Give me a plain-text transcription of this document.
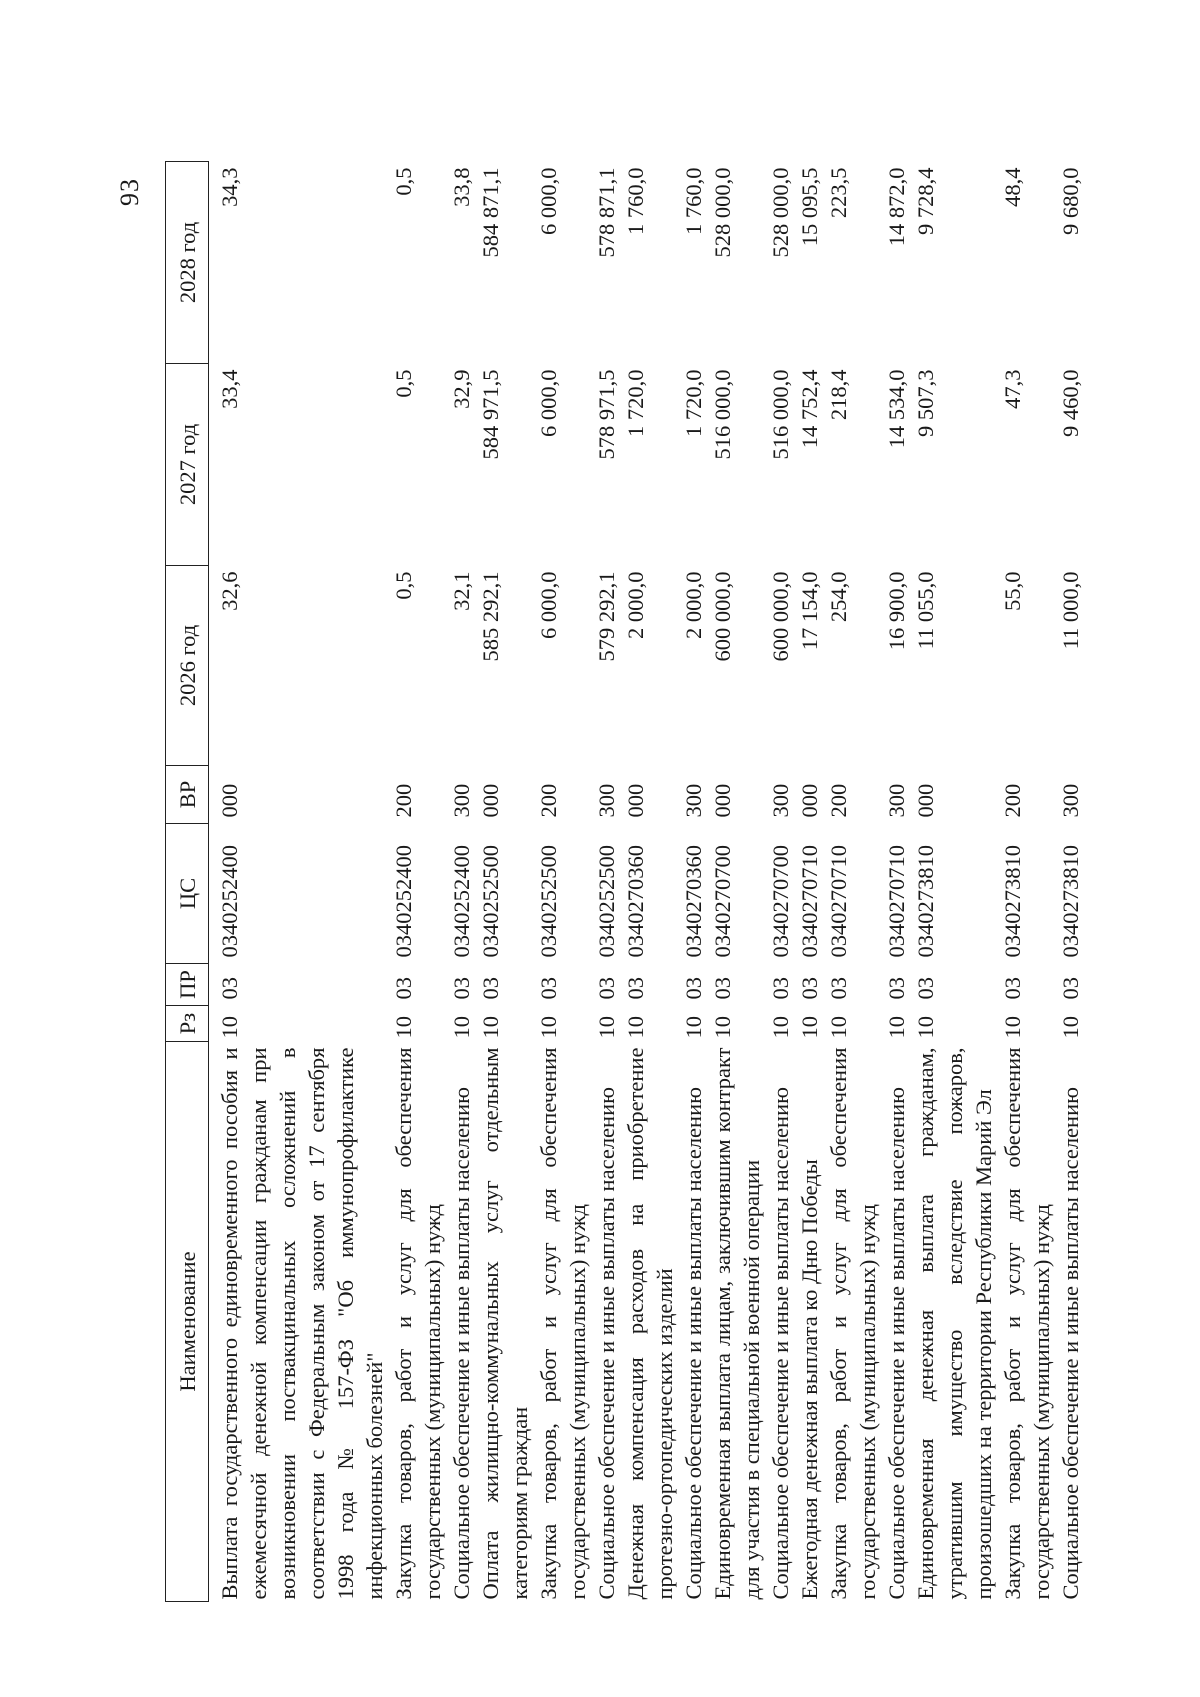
93
Наименование	Рз	ПР	ЦС	ВР	2026 год	2027 год	2028 год
Выплата государственного единовременного пособия и ежемесячной денежной компенсации гражданам при возникновении поствакцинальных осложнений в соответствии с Федеральным законом от 17 сентября 1998 года № 157-ФЗ "Об иммунопрофилактике инфекционных болезней"	10	03	0340252400	000	32,6	33,4	34,3
Закупка товаров, работ и услуг для обеспечения государственных (муниципальных) нужд	10	03	0340252400	200	0,5	0,5	0,5
Социальное обеспечение и иные выплаты населению	10	03	0340252400	300	32,1	32,9	33,8
Оплата жилищно-коммунальных услуг отдельным категориям граждан	10	03	0340252500	000	585 292,1	584 971,5	584 871,1
Закупка товаров, работ и услуг для обеспечения государственных (муниципальных) нужд	10	03	0340252500	200	6 000,0	6 000,0	6 000,0
Социальное обеспечение и иные выплаты населению	10	03	0340252500	300	579 292,1	578 971,5	578 871,1
Денежная компенсация расходов на приобретение протезно-ортопедических изделий	10	03	0340270360	000	2 000,0	1 720,0	1 760,0
Социальное обеспечение и иные выплаты населению	10	03	0340270360	300	2 000,0	1 720,0	1 760,0
Единовременная выплата лицам, заключившим контракт для участия в специальной военной операции	10	03	0340270700	000	600 000,0	516 000,0	528 000,0
Социальное обеспечение и иные выплаты населению	10	03	0340270700	300	600 000,0	516 000,0	528 000,0
Ежегодная денежная выплата ко Дню Победы	10	03	0340270710	000	17 154,0	14 752,4	15 095,5
Закупка товаров, работ и услуг для обеспечения государственных (муниципальных) нужд	10	03	0340270710	200	254,0	218,4	223,5
Социальное обеспечение и иные выплаты населению	10	03	0340270710	300	16 900,0	14 534,0	14 872,0
Единовременная денежная выплата гражданам, утратившим имущество вследствие пожаров, произошедших на территории Республики Марий Эл	10	03	0340273810	000	11 055,0	9 507,3	9 728,4
Закупка товаров, работ и услуг для обеспечения государственных (муниципальных) нужд	10	03	0340273810	200	55,0	47,3	48,4
Социальное обеспечение и иные выплаты населению	10	03	0340273810	300	11 000,0	9 460,0	9 680,0
